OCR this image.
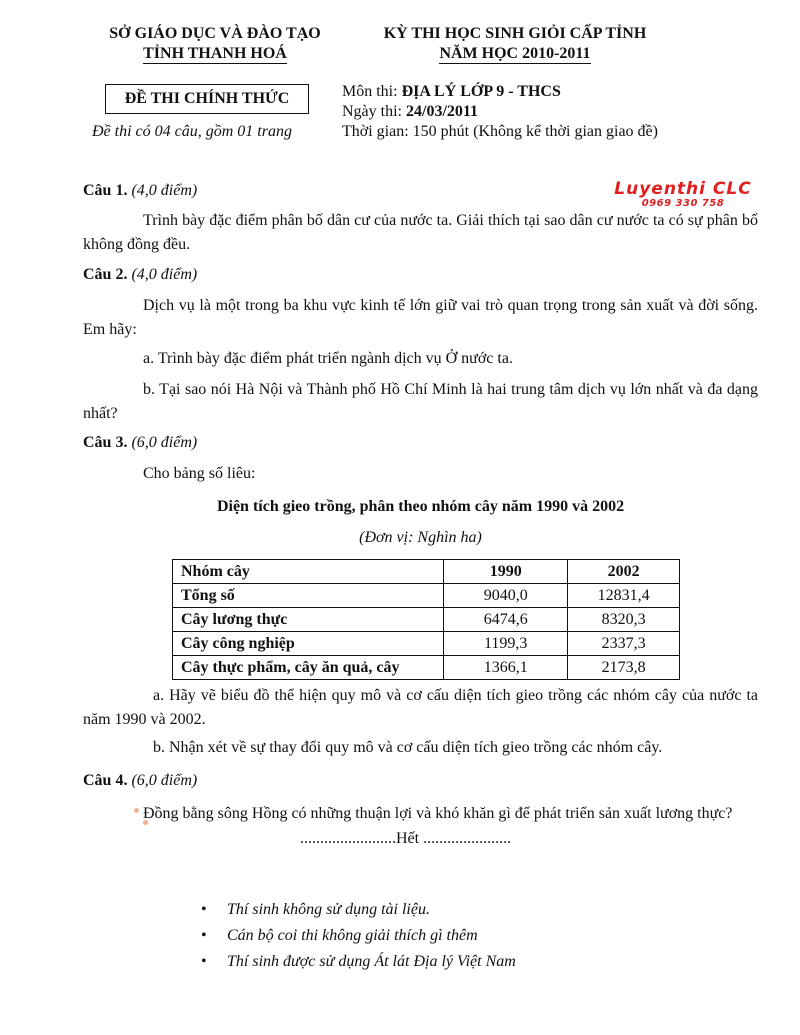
SỞ GIÁO DỤC VÀ ĐÀO TẠO
TỈNH THANH HOÁ
KỲ THI HỌC SINH GIỎI CẤP TỈNH
NĂM HỌC 2010-2011
ĐỀ THI CHÍNH THỨC
Đề thi có 04 câu, gồm 01 trang
Môn thi: ĐỊA LÝ LỚP 9 - THCS
Ngày thi: 24/03/2011
Thời gian: 150 phút (Không kể thời gian giao đề)
Luyenthi CLC
0969 330 758
Câu 1. (4,0 điểm)
Trình bày đặc điểm phân bố dân cư của nước ta. Giải thích tại sao dân cư nước ta có sự phân bố không đồng đều.
Câu 2. (4,0 điểm)
Dịch vụ là một trong ba khu vực kinh tế lớn giữ vai trò quan trọng trong sản xuất và đời sống. Em hãy:
a. Trình bày đặc điểm phát triển ngành dịch vụ Ở nước ta.
b. Tại sao nói Hà Nội và Thành phố Hồ Chí Minh là hai trung tâm dịch vụ lớn nhất và đa dạng nhất?
Câu 3. (6,0 điểm)
Cho bảng số liêu:
Diện tích gieo trồng, phân theo nhóm cây năm 1990 và 2002
(Đơn vị: Nghìn ha)
Nhóm cây	1990	2002
Tổng số	9040,0	12831,4
Cây lương thực	6474,6	8320,3
Cây công nghiệp	1199,3	2337,3
Cây thực phẩm, cây ăn quả, cây	1366,1	2173,8
a. Hãy vẽ biểu đồ thể hiện quy mô và cơ cấu diện tích gieo trồng các nhóm cây của nước ta năm 1990 và 2002.
b. Nhận xét về sự thay đổi quy mô và cơ cấu diện tích gieo trồng các nhóm cây.
Câu 4. (6,0 điểm)
Đồng bằng sông Hồng có những thuận lợi và khó khăn gì để phát triển sản xuất lương thực?
........................Hết ......................
• Thí sinh không sử dụng tài liệu.
• Cán bộ coi thi không giải thích gì thêm
• Thí sinh được sử dụng Át lát Địa lý Việt Nam
